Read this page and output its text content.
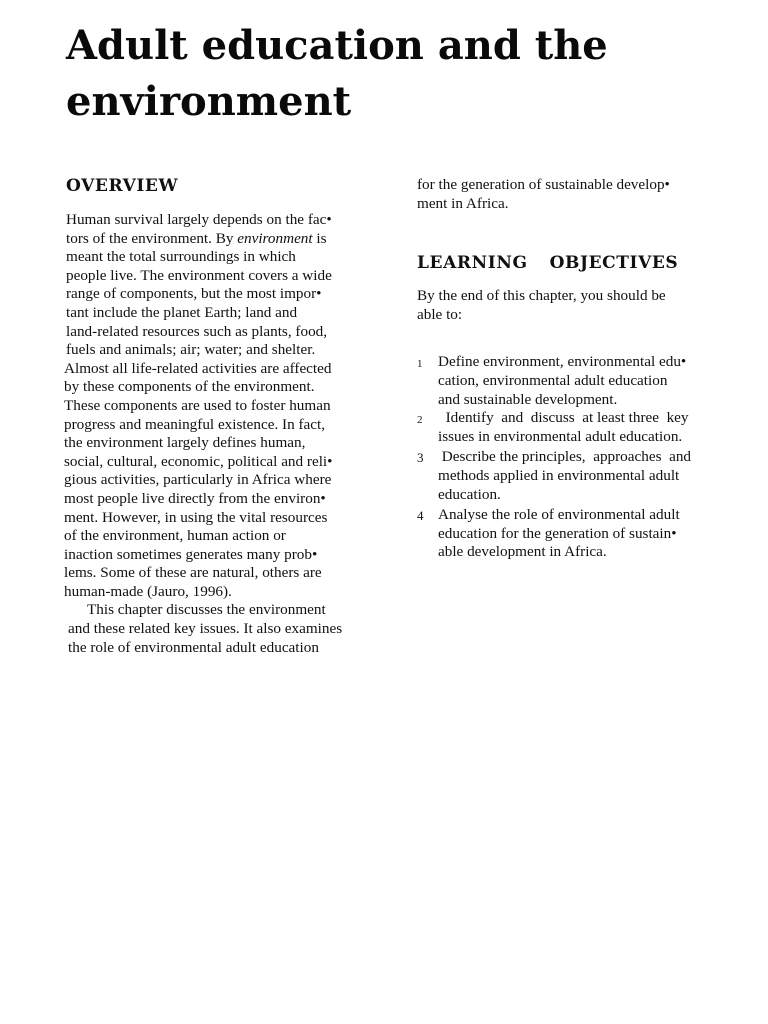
Adult education and the
environment
OVERVIEW

Human survival largely depends on the fac•
tors of the environment. By environment is
meant the total surroundings in which
people live. The environment covers a wide
range of components, but the most impor•
tant include the planet Earth; land and
land-related resources such as plants, food,
fuels and animals; air; water; and shelter.
Almost all life-related activities are affected
by these components of the environment.
These components are used to foster human
progress and meaningful existence. In fact,
the environment largely defines human,
social, cultural, economic, political and reli•
gious activities, particularly in Africa where
most people live directly from the environ•
ment. However, in using the vital resources
of the environment, human action or
inaction sometimes generates many prob•
lems. Some of these are natural, others are
human-made (Jauro, 1996).
This chapter discusses the environment
and these related key issues. It also examines
the role of environmental adult education

for the generation of sustainable develop•
ment in Africa.

LEARNING OBJECTIVES

By the end of this chapter, you should be
able to:

1 Define environment, environmental edu•
cation, environmental adult education
and sustainable development.
2 Identify  and  discuss  at least three  key
issues in environmental adult education.
3 Describe the principles,  approaches  and
methods applied in environmental adult
education.
4 Analyse the role of environmental adult
education for the generation of sustain•
able development in Africa.
